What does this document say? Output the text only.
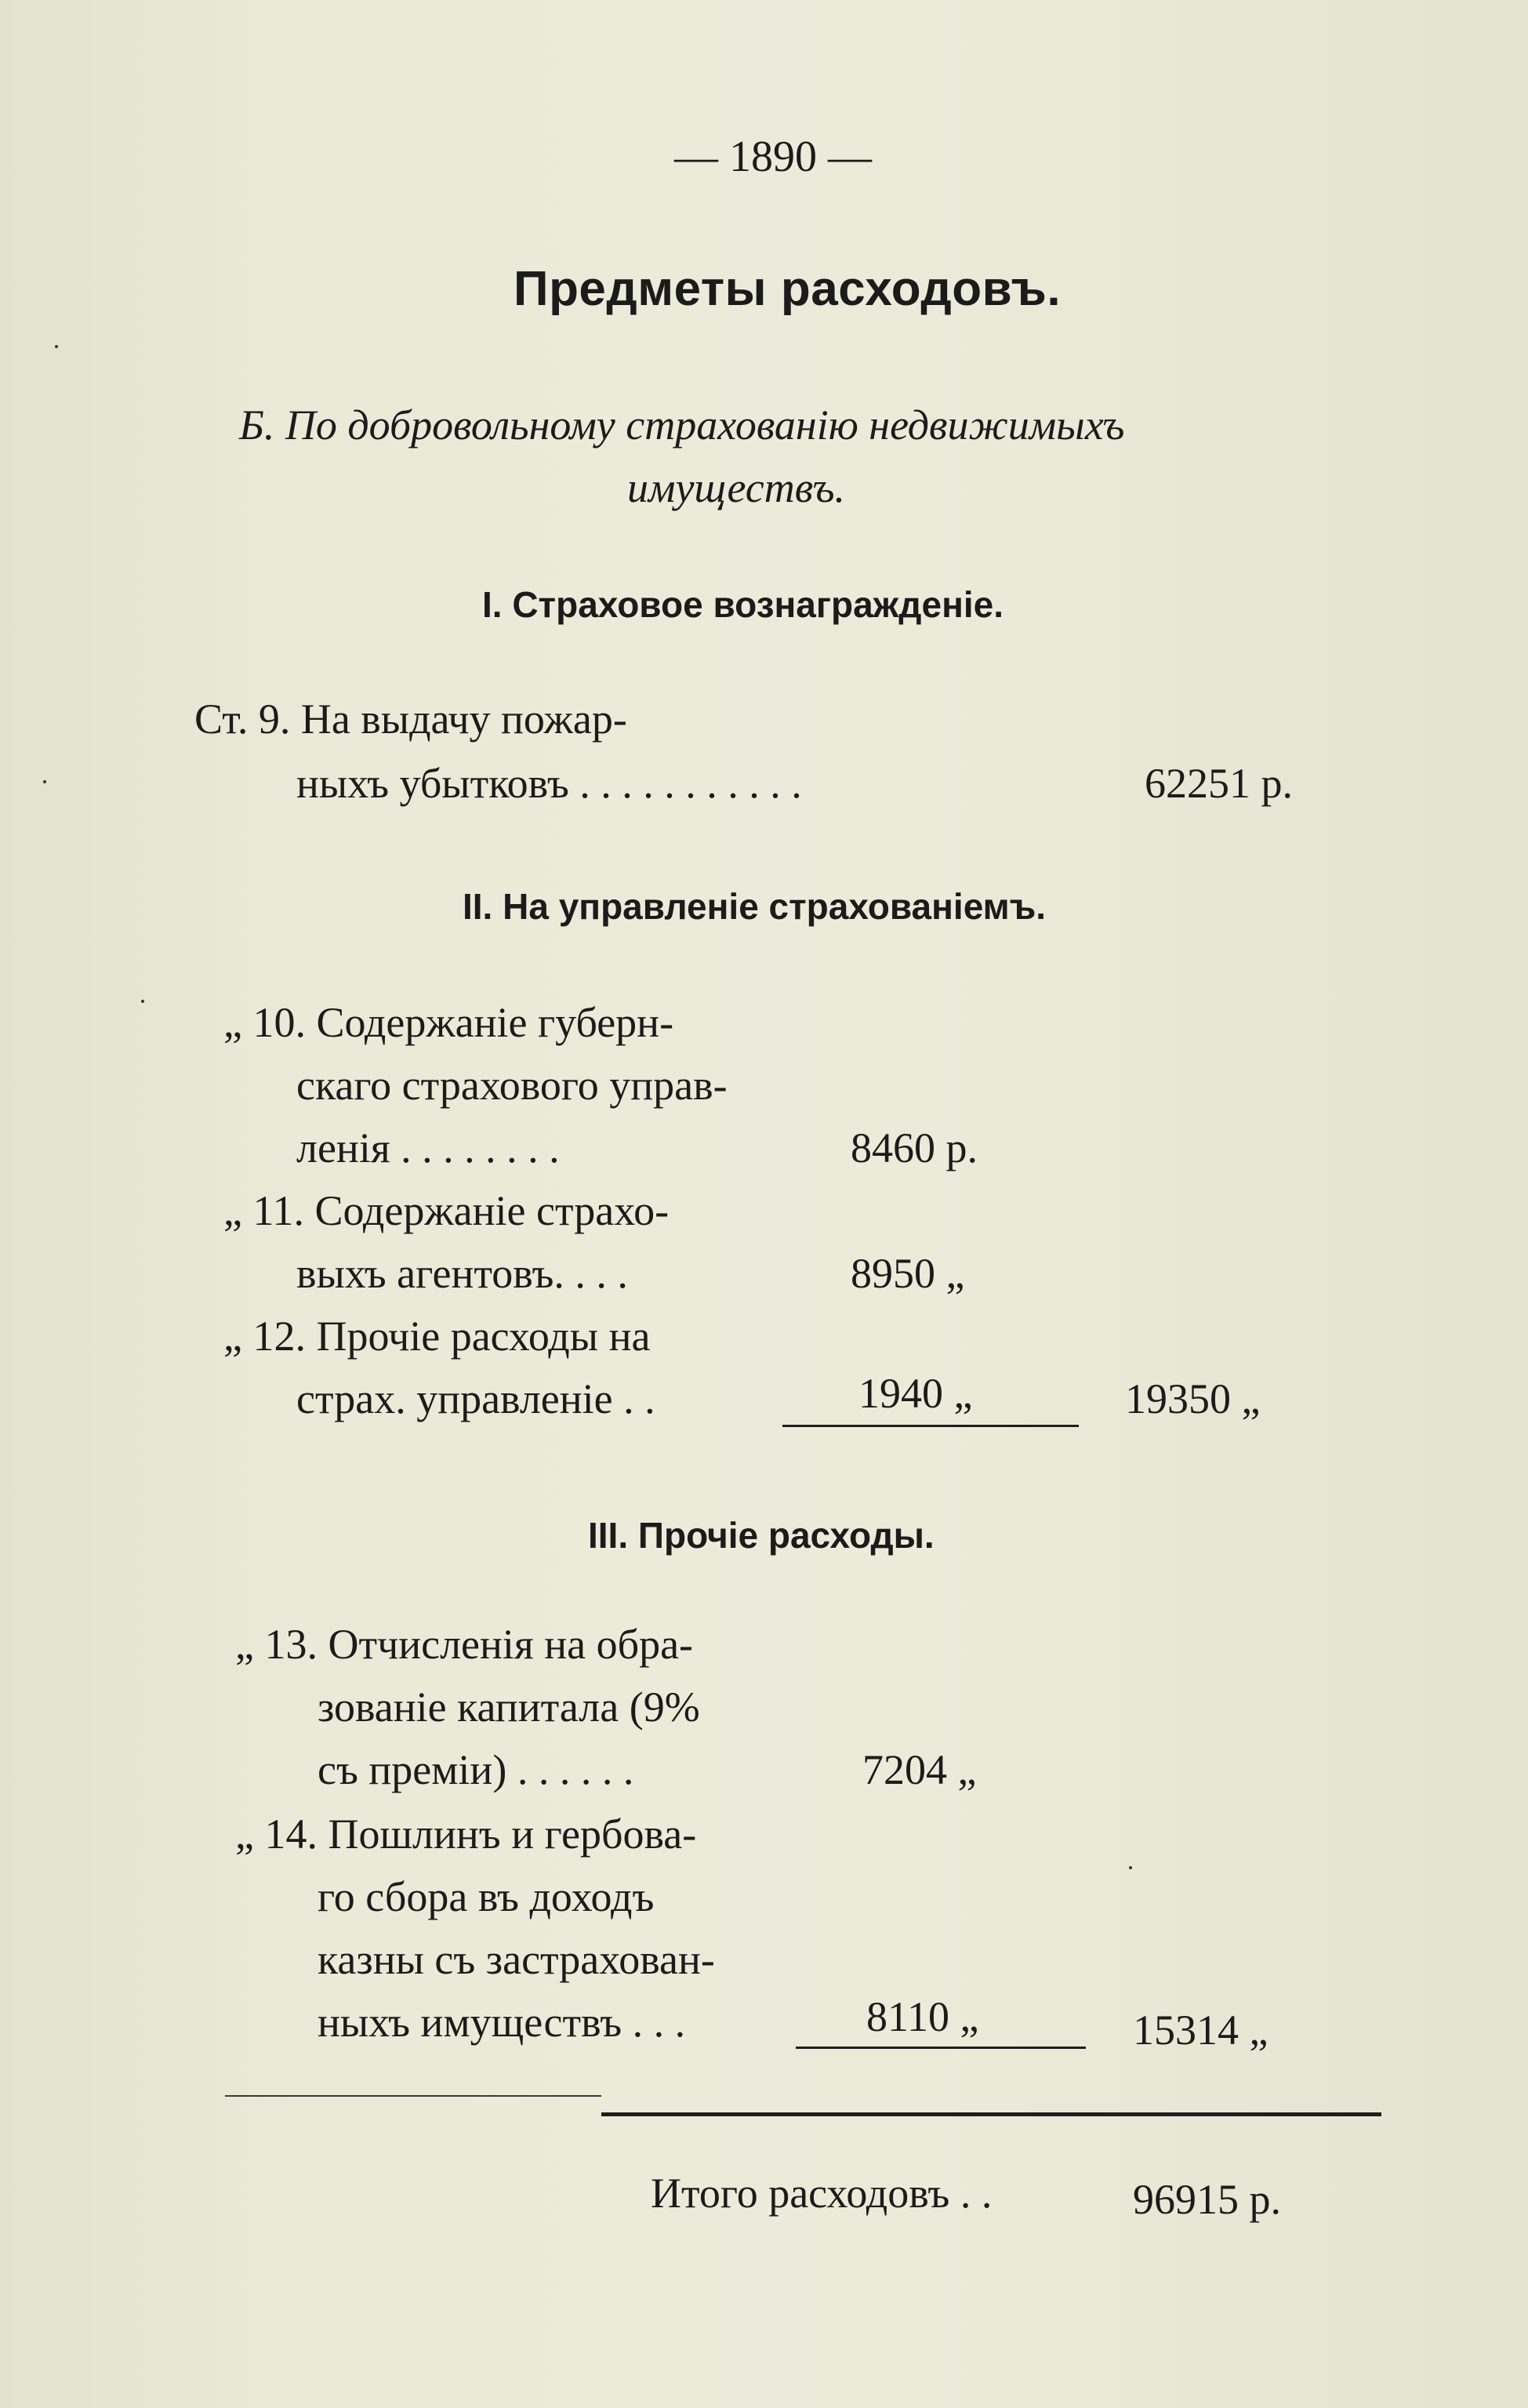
— 1890 —
Предметы расходовъ.
Б. По добровольному страхованію недвижимыхъ
имуществъ.
I. Страховое вознагражденіе.
Ст. 9. На выдачу пожар-
ныхъ убытковъ . . . . . . . . . . .	62251 р.
II. На управленіе страхованіемъ.
„ 10. Содержаніе губерн-
скаго страхового управ-
ленія . . . . . . . .	8460 р.
„ 11. Содержаніе страхо-
выхъ агентовъ. . . .	8950 „
„ 12. Прочіе расходы на
страх. управленіе . .	1940 „	19350 „
III. Прочіе расходы.
„ 13. Отчисленія на обра-
зованіе капитала (9%
съ преміи) . . . . . .	7204 „
„ 14. Пошлинъ и гербова-
го сбора въ доходъ
казны съ застрахован-
ныхъ имуществъ . . .	8110 „	15314 „
Итого расходовъ . .	96915 р.
